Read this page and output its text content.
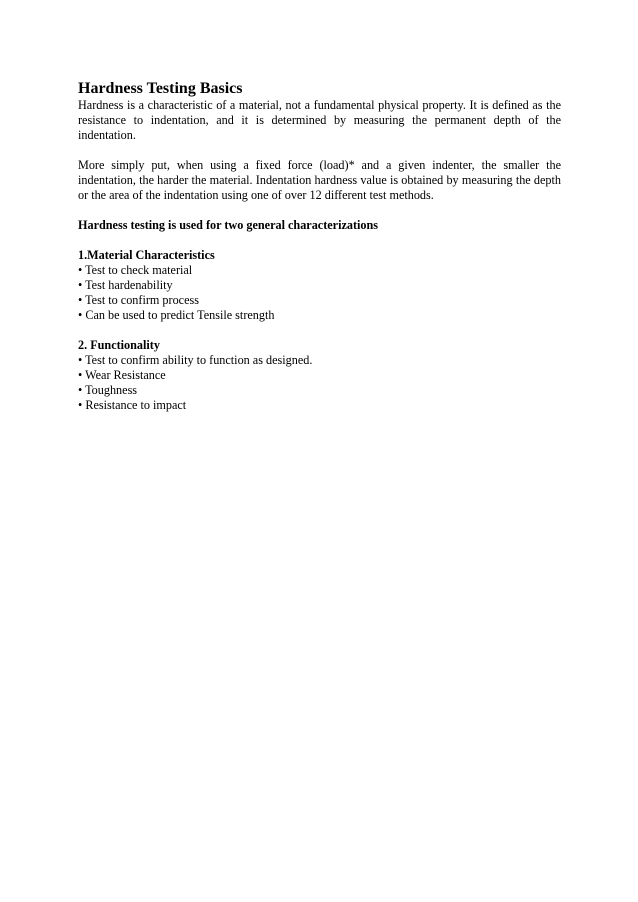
Hardness Testing Basics

Hardness is a characteristic of a material, not a fundamental physical property. It is defined as the resistance to indentation, and it is determined by measuring the permanent depth of the indentation.

More simply put, when using a fixed force (load)* and a given indenter, the smaller the indentation, the harder the material. Indentation hardness value is obtained by measuring the depth or the area of the indentation using one of over 12 different test methods.

Hardness testing is used for two general characterizations

1.Material Characteristics

• Test to check material
• Test hardenability
• Test to confirm process
• Can be used to predict Tensile strength

2. Functionality

• Test to confirm ability to function as designed.
• Wear Resistance
• Toughness
• Resistance to impact
